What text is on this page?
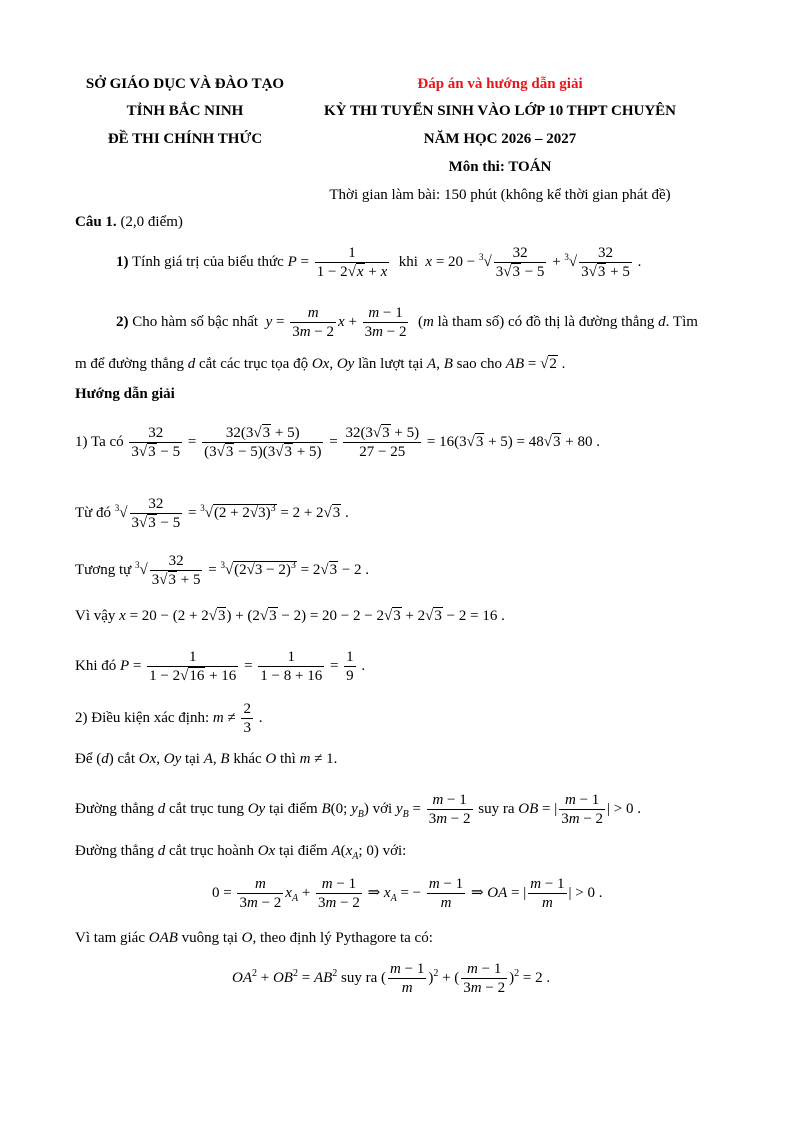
SỞ GIÁO DỤC VÀ ĐÀO TẠO
TỈNH BẮC NINH
ĐỀ THI CHÍNH THỨC
Đáp án và hướng dẫn giải
KỲ THI TUYỂN SINH VÀO LỚP 10 THPT CHUYÊN
NĂM HỌC 2026 – 2027
Môn thi: TOÁN
Thời gian làm bài: 150 phút (không kể thời gian phát đề)
Câu 1. (2,0 điểm)
1) Tính giá trị của biểu thức $P = \frac{1}{1 - 2√x + x}$ khi $x = 20 - ^3√ \frac{32}{3√3 - 5} + ^3√ \frac{32}{3√3 + 5}$ .
2) Cho hàm số bậc nhất $y = \frac{m}{3m - 2}$ $x + \frac{m - 1}{3m - 2} (m$ là tham số) có đồ thị là đường thẳng d. Tìm
m để đường thẳng d cắt các trục tọa độ Ox, Oy lần lượt tại A, B sao cho AB = √2 .
Hướng dẫn giải
1) Ta có $\frac{32}{3√3 - 5} = \frac{32(3√3 + 5)}{(3√3 - 5)(3√3 + 5)} = \frac{32(3√3 + 5)}{27 - 25} = 16(3√3 + 5) = 48√3 + 80$ .
Từ đó $^3√ \frac{32}{3√3 - 5} = ^3√(2 + 2√3)^3 = 2 + 2√3$ .
Tương tự $^3√ \frac{32}{3√3 + 5} = ^3√(2√3 - 2)^3 = 2√3 - 2$ .
Vì vậy x = 20 − (2 + 2√3) + (2√3 − 2) = 20 − 2 − 2√3 + 2√3 − 2 = 16 .
Khi đó $P = \frac{1}{1 - 2√16 + 16} = \frac{1}{1 - 8 + 16} = \frac{1}{9}$ .
2) Điều kiện xác định: $m \ne \frac{2}{3}$ .
Để (d) cắt Ox, Oy tại A, B khác O thì m ≠ 1.
Đường thẳng d cắt trục tung Oy tại điểm B(0; $y_B$) với $y_B = \frac{m - 1}{3m - 2}$ suy ra OB = | $\frac{m - 1}{3m - 2}$ | > 0 .
Đường thẳng d cắt trục hoành Ox tại điểm $A(x_A$; 0) với:
$0 = \frac{m}{3m - 2} x_A + \frac{m - 1}{3m - 2}$ ⇒ $x_A$ = − $\frac{m - 1}{m}$ ⇒ OA = | $\frac{m - 1}{m}$ | > 0 .
Vì tam giác OAB vuông tại O, theo định lý Pythagore ta có:
$OA^2 + OB^2 = AB^2$ suy ra ( $\frac{m - 1}{m} )^2$ + ( $\frac{m - 1}{3m - 2} )^2 = 2$ .
